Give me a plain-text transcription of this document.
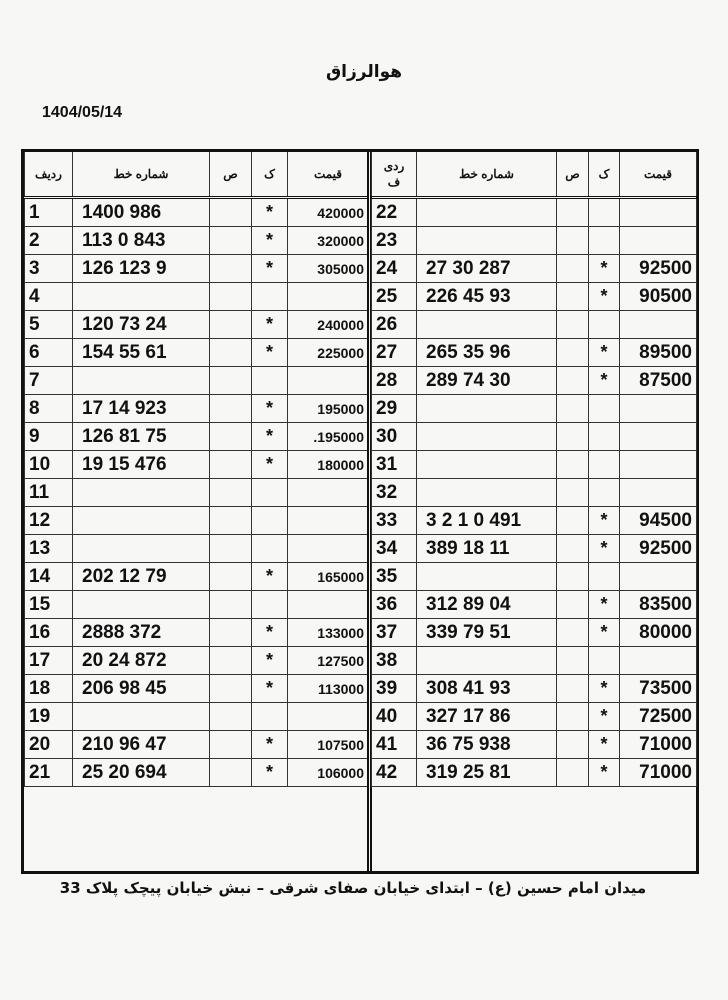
هوالرزاق
1404/05/14
ردیف	شماره خط	ص	ک	قیمت
1	1400 986		*	420000
2	113 0 843		*	320000
3	126 123 9		*	305000
4				
5	120 73 24		*	240000
6	154 55 61		*	225000
7				
8	17 14 923		*	195000
9	126 81 75		*	.195000
10	19 15 476		*	180000
11				
12				
13				
14	202 12 79		*	165000
15				
16	2888 372		*	133000
17	20 24 872		*	127500
18	206 98 45		*	113000
19				
20	210 96 47		*	107500
21	25 20 694		*	106000
ردی ف	شماره خط	ص	ک	قیمت
22				
23				
24	27 30 287		*	92500
25	226 45 93		*	90500
26				
27	265 35 96		*	89500
28	289 74 30		*	87500
29				
30				
31				
32				
33	3 2 1 0 491		*	94500
34	389 18 11		*	92500
35				
36	312 89 04		*	83500
37	339 79 51		*	80000
38				
39	308 41 93		*	73500
40	327 17 86		*	72500
41	36 75 938		*	71000
42	319 25 81		*	71000
میدان امام حسین (ع) – ابتدای خیابان صفای شرقی – نبش خیابان پیچک پلاک 33
